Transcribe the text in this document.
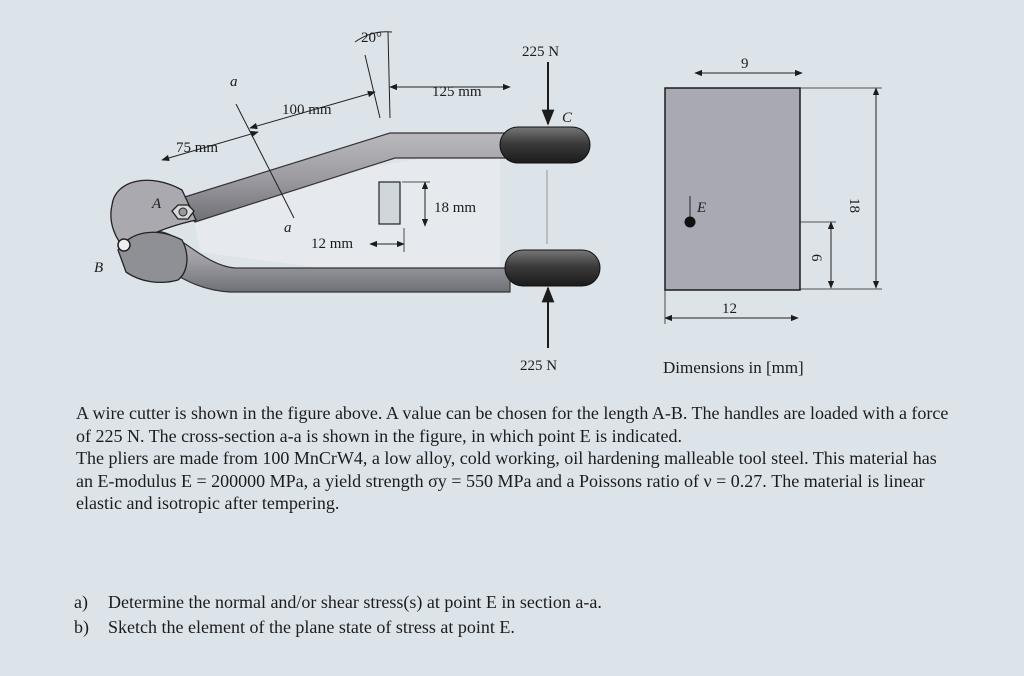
a
a
20°
125 mm
100 mm
75 mm
18 mm
12 mm
A
B
C
225 N
225 N
9
18
6
12
E
Dimensions in [mm]

A wire cutter is shown in the figure above. A value can be chosen for the length A-B. The handles are loaded with a force of 225 N. The cross-section a-a is shown in the figure, in which point E is indicated.

The pliers are made from 100 MnCrW4, a low alloy, cold working, oil hardening malleable tool steel. This material has an E-modulus E = 200000 MPa, a yield strength σy = 550 MPa and a Poissons ratio of ν = 0.27. The material is linear elastic and isotropic after tempering.

a)	Determine the normal and/or shear stress(s) at point E in section a-a.
b)	Sketch the element of the plane state of stress at point E.
